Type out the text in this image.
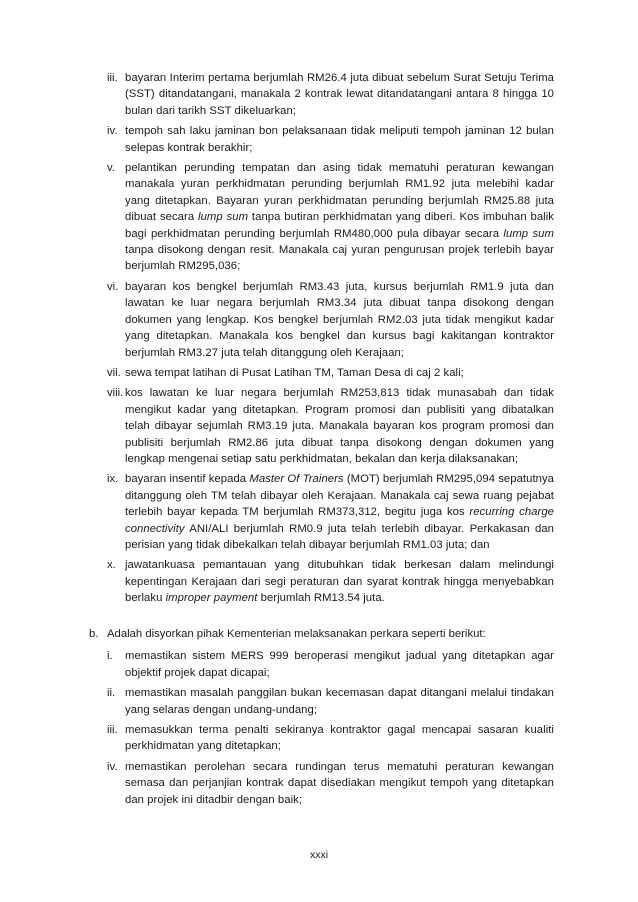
iii. bayaran Interim pertama berjumlah RM26.4 juta dibuat sebelum Surat Setuju Terima (SST) ditandatangani, manakala 2 kontrak lewat ditandatangani antara 8 hingga 10 bulan dari tarikh SST dikeluarkan;
iv. tempoh sah laku jaminan bon pelaksanaan tidak meliputi tempoh jaminan 12 bulan selepas kontrak berakhir;
v. pelantikan perunding tempatan dan asing tidak mematuhi peraturan kewangan manakala yuran perkhidmatan perunding berjumlah RM1.92 juta melebihi kadar yang ditetapkan. Bayaran yuran perkhidmatan perunding berjumlah RM25.88 juta dibuat secara lump sum tanpa butiran perkhidmatan yang diberi. Kos imbuhan balik bagi perkhidmatan perunding berjumlah RM480,000 pula dibayar secara lump sum tanpa disokong dengan resit. Manakala caj yuran pengurusan projek terlebih bayar berjumlah RM295,036;
vi. bayaran kos bengkel berjumlah RM3.43 juta, kursus berjumlah RM1.9 juta dan lawatan ke luar negara berjumlah RM3.34 juta dibuat tanpa disokong dengan dokumen yang lengkap. Kos bengkel berjumlah RM2.03 juta tidak mengikut kadar yang ditetapkan. Manakala kos bengkel dan kursus bagi kakitangan kontraktor berjumlah RM3.27 juta telah ditanggung oleh Kerajaan;
vii. sewa tempat latihan di Pusat Latihan TM, Taman Desa di caj 2 kali;
viii. kos lawatan ke luar negara berjumlah RM253,813 tidak munasabah dan tidak mengikut kadar yang ditetapkan. Program promosi dan publisiti yang dibatalkan telah dibayar sejumlah RM3.19 juta. Manakala bayaran kos program promosi dan publisiti berjumlah RM2.86 juta dibuat tanpa disokong dengan dokumen yang lengkap mengenai setiap satu perkhidmatan, bekalan dan kerja dilaksanakan;
ix. bayaran insentif kepada Master Of Trainers (MOT) berjumlah RM295,094 sepatutnya ditanggung oleh TM telah dibayar oleh Kerajaan. Manakala caj sewa ruang pejabat terlebih bayar kepada TM berjumlah RM373,312, begitu juga kos recurring charge connectivity ANI/ALI berjumlah RM0.9 juta telah terlebih dibayar. Perkakasan dan perisian yang tidak dibekalkan telah dibayar berjumlah RM1.03 juta; dan
x. jawatankuasa pemantauan yang ditubuhkan tidak berkesan dalam melindungi kepentingan Kerajaan dari segi peraturan dan syarat kontrak hingga menyebabkan berlaku improper payment berjumlah RM13.54 juta.
b. Adalah disyorkan pihak Kementerian melaksanakan perkara seperti berikut:
i.	memastikan sistem MERS 999 beroperasi mengikut jadual yang ditetapkan agar objektif projek dapat dicapai;
ii. memastikan masalah panggilan bukan kecemasan dapat ditangani melalui tindakan yang selaras dengan undang-undang;
iii. memasukkan terma penalti sekiranya kontraktor gagal mencapai sasaran kualiti perkhidmatan yang ditetapkan;
iv. memastikan perolehan secara rundingan terus mematuhi peraturan kewangan semasa dan perjanjian kontrak dapat disediakan mengikut tempoh yang ditetapkan dan projek ini ditadbir dengan baik;
xxxi
